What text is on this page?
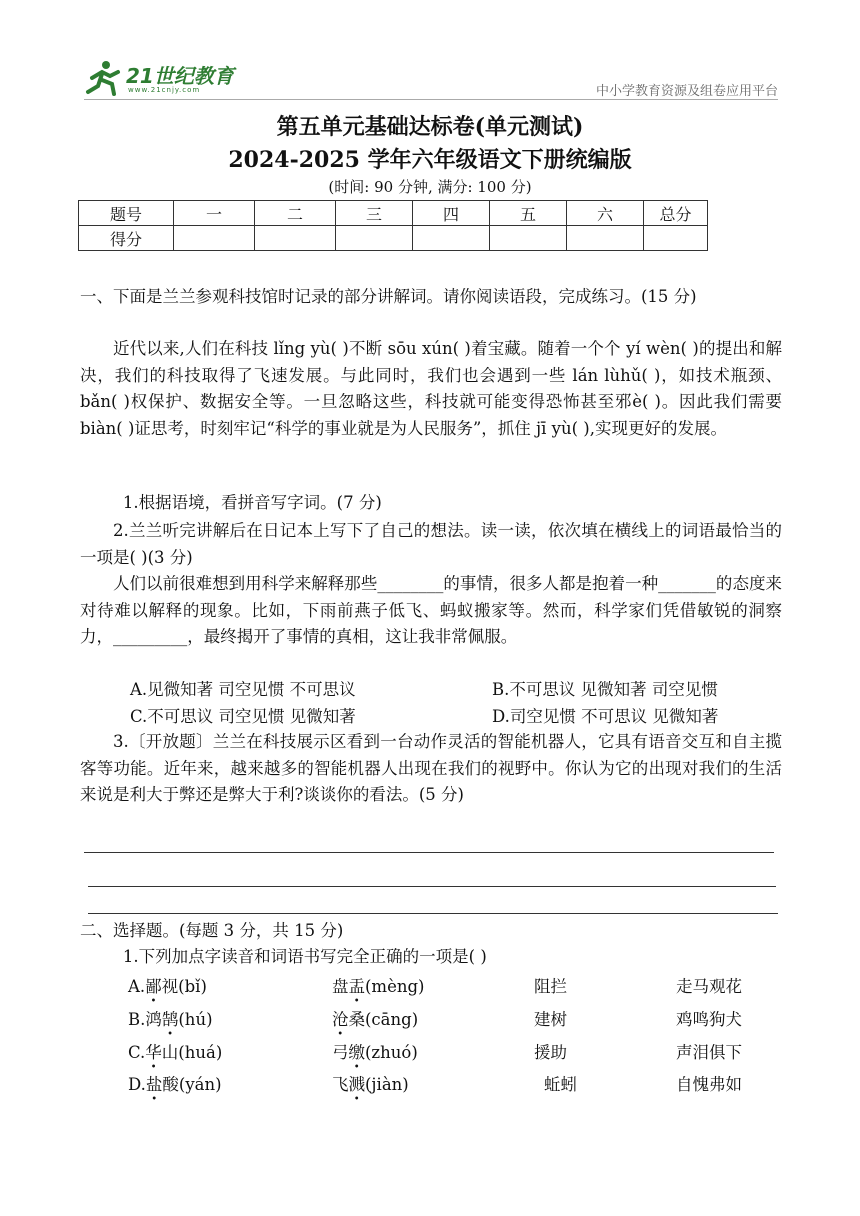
21世纪教育
www.21cnjy.com	中小学教育资源及组卷应用平台
第五单元基础达标卷(单元测试)
2024-2025 学年六年级语文下册统编版
(时间: 90 分钟, 满分: 100 分)
题号	一	二	三	四	五	六	总分
得分							
一、下面是兰兰参观科技馆时记录的部分讲解词。请你阅读语段，完成练习。(15 分)
近代以来,人们在科技 lǐng yù( )不断 sōu xún( )着宝藏。随着一个个 yí wèn( )的提出和解决，我们的科技取得了飞速发展。与此同时，我们也会遇到一些 lán lùhǔ( )，如技术瓶颈、bǎn( )权保护、数据安全等。一旦忽略这些，科技就可能变得恐怖甚至邪è( )。因此我们需要 biàn( )证思考，时刻牢记“科学的事业就是为人民服务”，抓住 jī yù( ),实现更好的发展。
1.根据语境，看拼音写字词。(7 分)
2.兰兰听完讲解后在日记本上写下了自己的想法。读一读，依次填在横线上的词语最恰当的一项是( )(3 分)
人们以前很难想到用科学来解释那些________的事情，很多人都是抱着一种_______的态度来对待难以解释的现象。比如，下雨前燕子低飞、蚂蚁搬家等。然而，科学家们凭借敏锐的洞察力，_________，最终揭开了事情的真相，这让我非常佩服。
A.见微知著 司空见惯 不可思议	B.不可思议 见微知著 司空见惯
C.不可思议 司空见惯 见微知著	D.司空见惯 不可思议 见微知著
3.〔开放题〕兰兰在科技展示区看到一台动作灵活的智能机器人，它具有语音交互和自主揽客等功能。近年来，越来越多的智能机器人出现在我们的视野中。你认为它的出现对我们的生活来说是利大于弊还是弊大于利?谈谈你的看法。(5 分)
二、选择题。(每题 3 分，共 15 分)
1.下列加点字读音和词语书写完全正确的一项是( )
A.鄙视(bǐ)	盘盂(mèng)	阻拦	走马观花
B.鸿鹄(hú)	沧桑(cāng)	建树	鸡鸣狗犬
C.华山(huá)	弓缴(zhuó)	援助	声泪俱下
D.盐酸(yán)	飞溅(jiàn)	蚯蚓	自愧弗如
